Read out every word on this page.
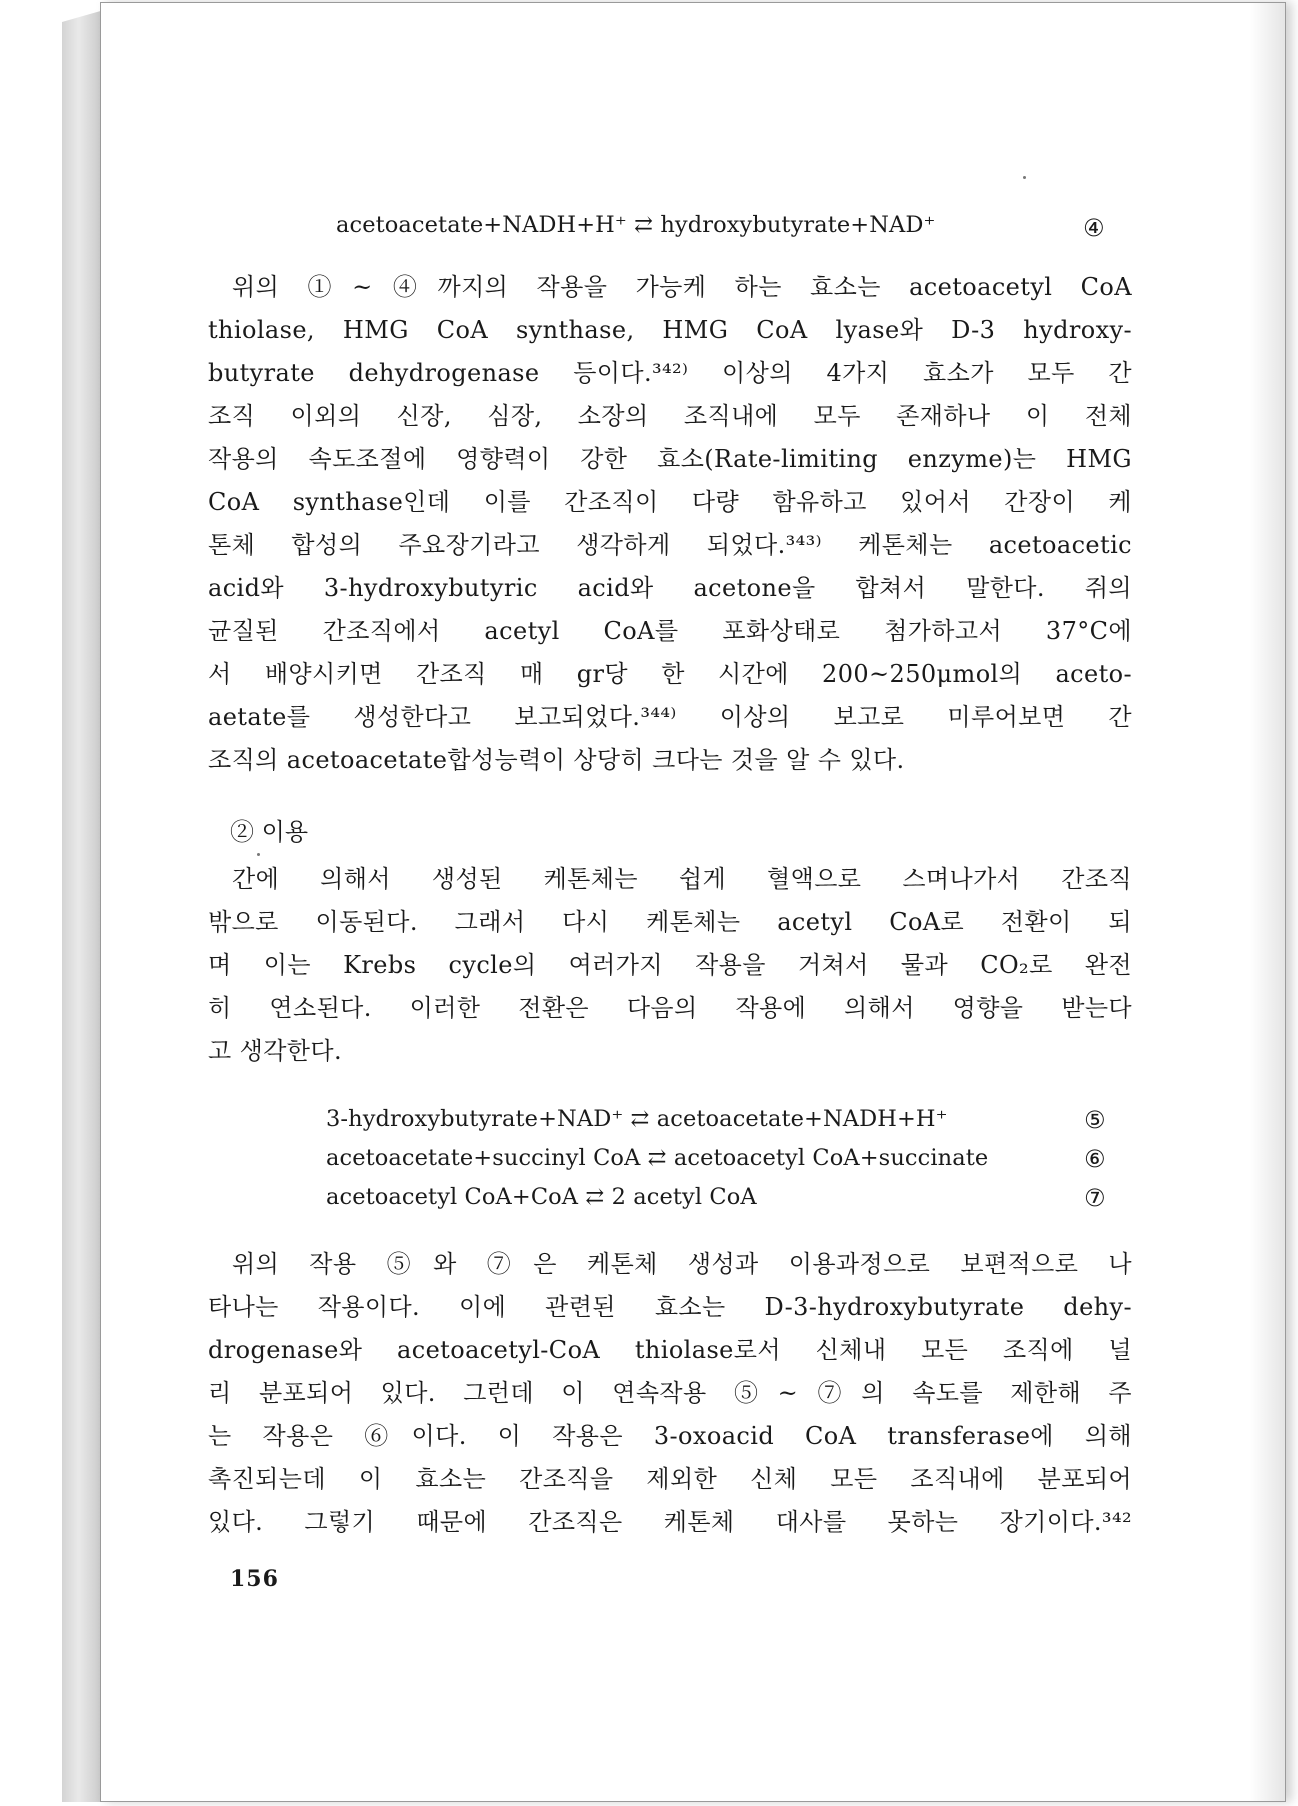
acetoacetate+NADH+H⁺ ⇄ hydroxybutyrate+NAD⁺	④
위의 ①~④까지의 작용을 가능케 하는 효소는 acetoacetyl CoA
thiolase, HMG CoA synthase, HMG CoA lyase와 D-3 hydroxy-
butyrate dehydrogenase 등이다.³⁴²⁾ 이상의 4가지 효소가 모두 간
조직 이외의 신장, 심장, 소장의 조직내에 모두 존재하나 이 전체
작용의 속도조절에 영향력이 강한 효소(Rate-limiting enzyme)는 HMG
CoA synthase인데 이를 간조직이 다량 함유하고 있어서 간장이 케
톤체 합성의 주요장기라고 생각하게 되었다.³⁴³⁾ 케톤체는 acetoacetic
acid와 3-hydroxybutyric acid와 acetone을 합쳐서 말한다. 쥐의
균질된 간조직에서 acetyl CoA를 포화상태로 첨가하고서 37°C에
서 배양시키면 간조직 매 gr당 한 시간에 200~250μmol의 aceto-
aetate를 생성한다고 보고되었다.³⁴⁴⁾ 이상의 보고로 미루어보면 간
조직의 acetoacetate합성능력이 상당히 크다는 것을 알 수 있다.
② 이용
간에 의해서 생성된 케톤체는 쉽게 혈액으로 스며나가서 간조직
밖으로 이동된다. 그래서 다시 케톤체는 acetyl CoA로 전환이 되
며 이는 Krebs cycle의 여러가지 작용을 거쳐서 물과 CO₂로 완전
히 연소된다. 이러한 전환은 다음의 작용에 의해서 영향을 받는다
고 생각한다.
3-hydroxybutyrate+NAD⁺ ⇄ acetoacetate+NADH+H⁺	⑤
acetoacetate+succinyl CoA ⇄ acetoacetyl CoA+succinate	⑥
acetoacetyl CoA+CoA ⇄ 2 acetyl CoA	⑦
위의 작용 ⑤와 ⑦은 케톤체 생성과 이용과정으로 보편적으로 나
타나는 작용이다. 이에 관련된 효소는 D-3-hydroxybutyrate dehy-
drogenase와 acetoacetyl-CoA thiolase로서 신체내 모든 조직에 널
리 분포되어 있다. 그런데 이 연속작용 ⑤~⑦의 속도를 제한해 주
는 작용은 ⑥이다. 이 작용은 3-oxoacid CoA transferase에 의해
촉진되는데 이 효소는 간조직을 제외한 신체 모든 조직내에 분포되어
있다. 그렇기 때문에 간조직은 케톤체 대사를 못하는 장기이다.³⁴²
156
